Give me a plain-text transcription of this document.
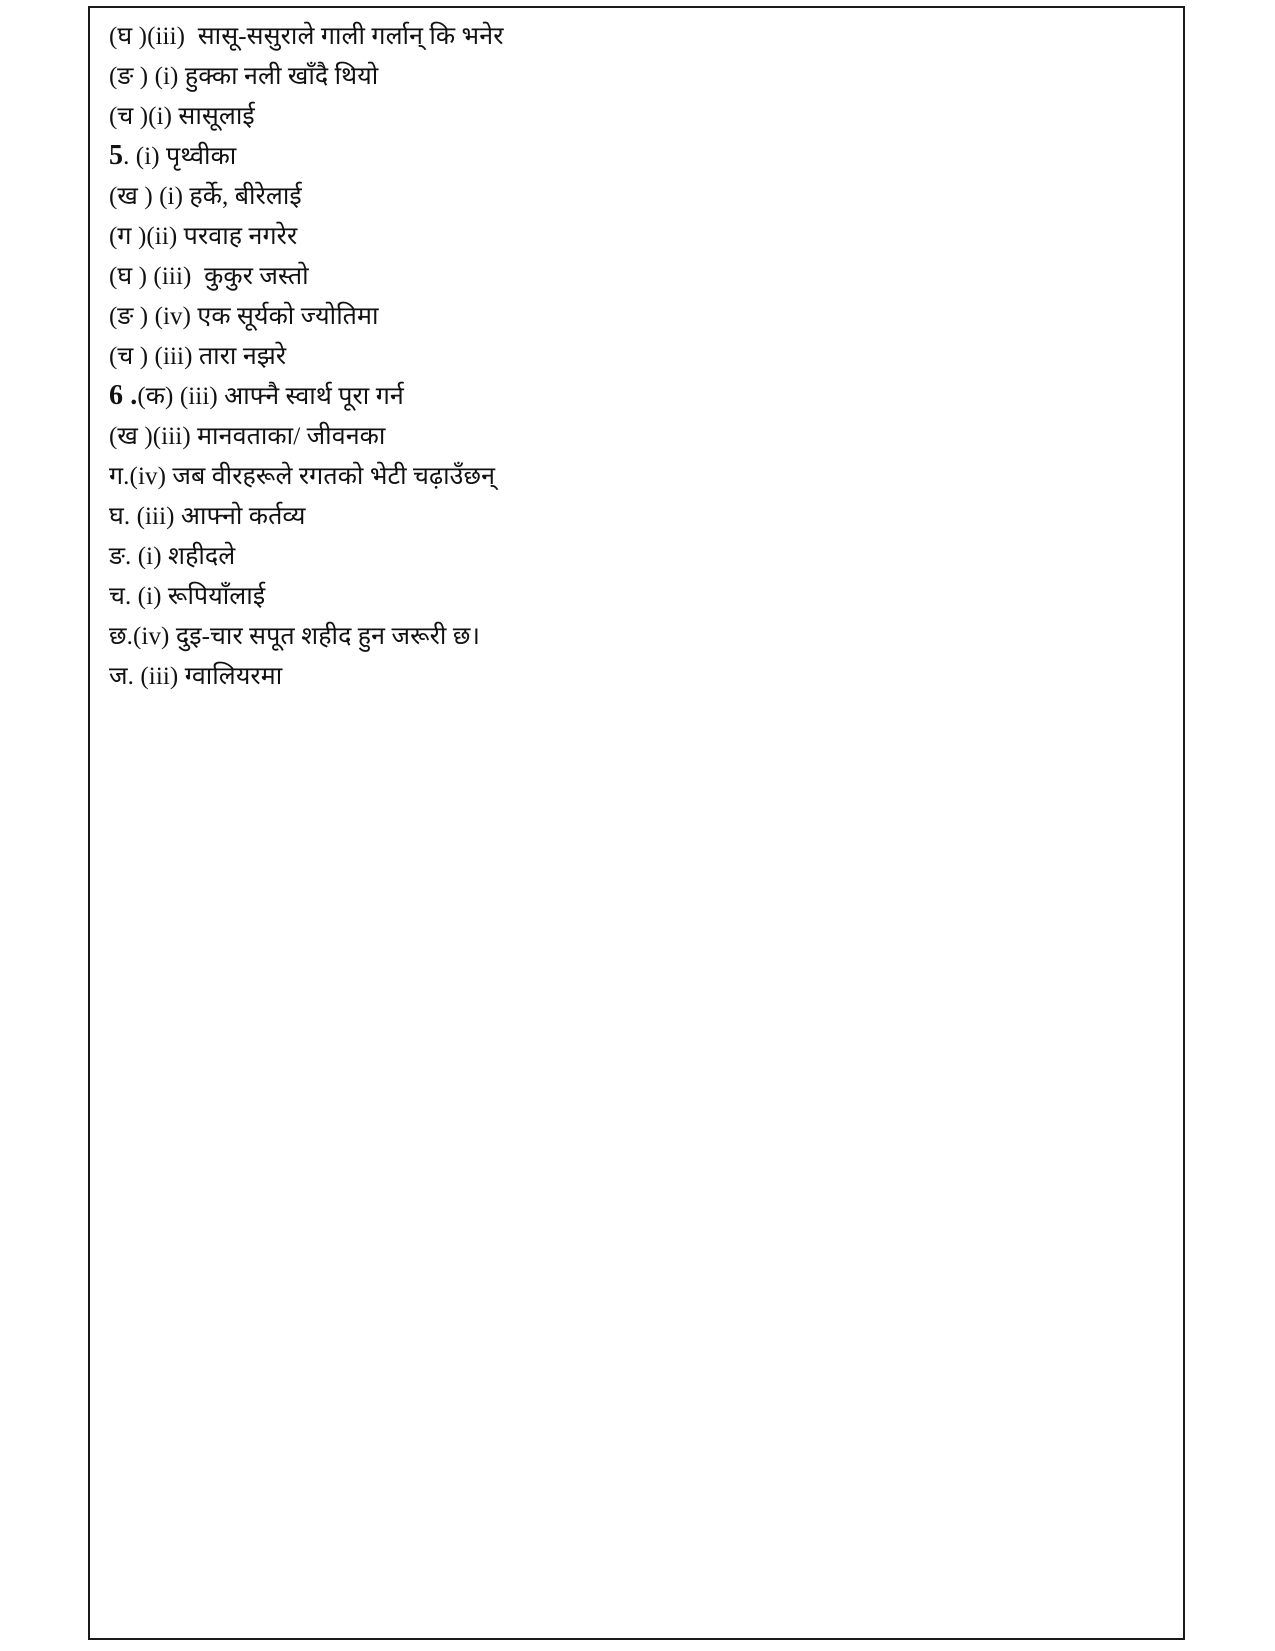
(घ )(iii)  सासू-ससुराले गाली गर्लान् कि भनेर
(ङ ) (i) हुक्का नली खाँदै थियो
(च )(i) सासूलाई
5. (i) पृथ्वीका
(ख ) (i) हर्के, बीरेलाई
(ग )(ii) परवाह नगरेर
(घ ) (iii)  कुकुर जस्तो
(ङ ) (iv) एक सूर्यको ज्योतिमा
(च ) (iii) तारा नझरे
6 .(क) (iii) आफ्नै स्वार्थ पूरा गर्न
(ख )(iii) मानवताका/ जीवनका
ग.(iv) जब वीरहरूले रगतको भेटी चढ़ाउँछन्
घ. (iii) आफ्नो कर्तव्य
ङ. (i) शहीदले
च. (i) रूपियाँलाई
छ.(iv) दुइ-चार सपूत शहीद हुन जरूरी छ।
ज. (iii) ग्वालियरमा
